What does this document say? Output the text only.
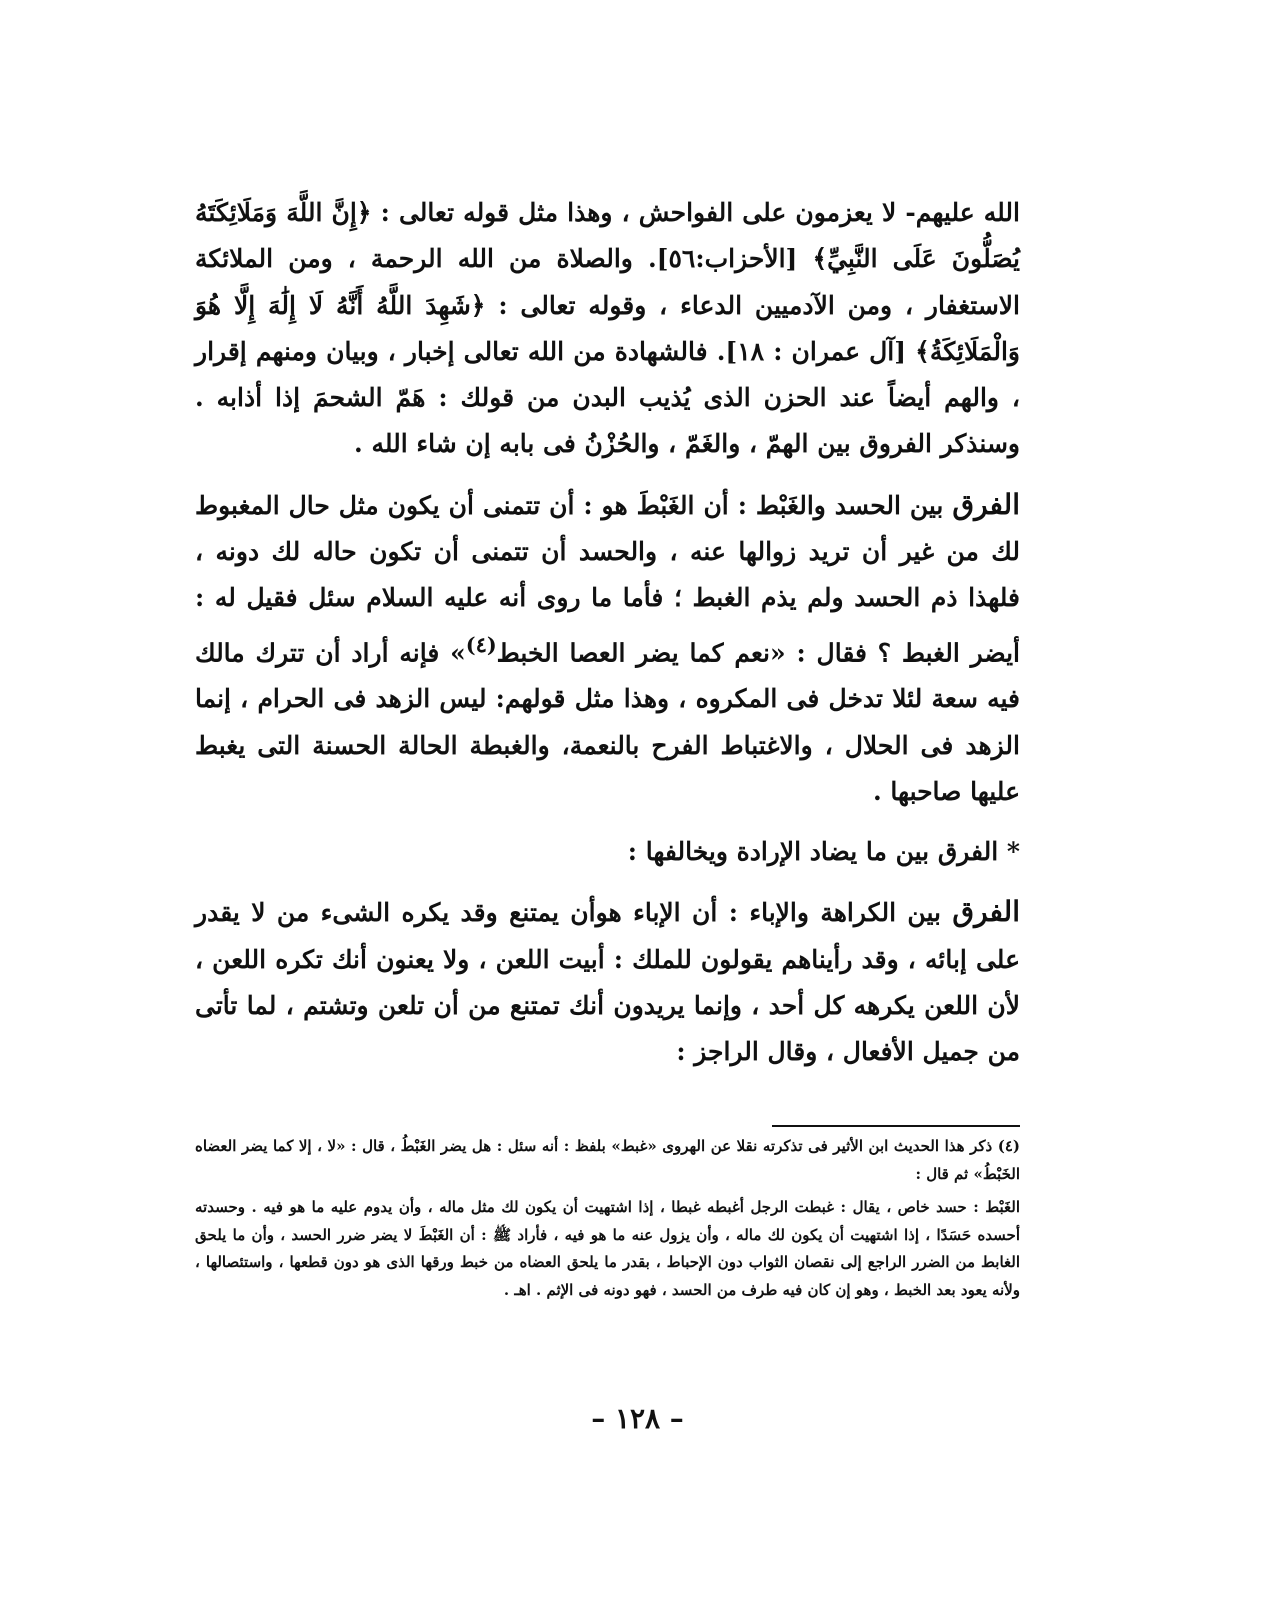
الله عليهم- لا يعزمون على الفواحش ، وهذا مثل قوله تعالى : ﴿إِنَّ اللَّهَ وَمَلَائِكَتَهُ يُصَلُّونَ عَلَى النَّبِيِّ﴾ [الأحزاب:٥٦]. والصلاة من الله الرحمة ، ومن الملائكة الاستغفار ، ومن الآدميين الدعاء ، وقوله تعالى : ﴿شَهِدَ اللَّهُ أَنَّهُ لَا إِلَٰهَ إِلَّا هُوَ وَالْمَلَائِكَةُ﴾ [آل عمران : ١٨]. فالشهادة من الله تعالى إخبار ، وبيان ومنهم إقرار ، والهم أيضاً عند الحزن الذى يُذيب البدن من قولك : هَمّ الشحمَ إذا أذابه . وسنذكر الفروق بين الهمّ ، والغَمّ ، والحُزْنُ فى بابه إن شاء الله .

الفرق بين الحسد والغَبْط : أن الغَبْطَ هو : أن تتمنى أن يكون مثل حال المغبوط لك من غير أن تريد زوالها عنه ، والحسد أن تتمنى أن تكون حاله لك دونه ، فلهذا ذم الحسد ولم يذم الغبط ؛ فأما ما روى أنه عليه السلام سئل فقيل له : أيضر الغبط ؟ فقال : «نعم كما يضر العصا الخبط$^{(٤)}$» فإنه أراد أن تترك مالك فيه سعة لئلا تدخل فى المكروه ، وهذا مثل قولهم: ليس الزهد فى الحرام ، إنما الزهد فى الحلال ، والاغتباط الفرح بالنعمة، والغبطة الحالة الحسنة التى يغبط عليها صاحبها .

* الفرق بين ما يضاد الإرادة ويخالفها :

الفرق بين الكراهة والإباء : أن الإباء هوأن يمتنع وقد يكره الشىء من لا يقدر على إبائه ، وقد رأيناهم يقولون للملك : أبيت اللعن ، ولا يعنون أنك تكره اللعن ، لأن اللعن يكرهه كل أحد ، وإنما يريدون أنك تمتنع من أن تلعن وتشتم ، لما تأتى من جميل الأفعال ، وقال الراجز :

(٤) ذكر هذا الحديث ابن الأثير فى تذكرته نقلا عن الهروى «غبط» بلفظ : أنه سئل : هل يضر الغَبْطُ ، قال : «لا ، إلا كما يضر العضاه الخَبْطُ» ثم قال :

الغَبْط : حسد خاص ، يقال : غبطت الرجل أغبطه غبطا ، إذا اشتهيت أن يكون لك مثل ماله ، وأن يدوم عليه ما هو فيه . وحسدته أحسده حَسَدًا ، إذا اشتهيت أن يكون لك ماله ، وأن يزول عنه ما هو فيه ، فأراد ﷺ : أن الغَبْطَ لا يضر ضرر الحسد ، وأن ما يلحق الغابط من الضرر الراجع إلى نقصان الثواب دون الإحباط ، بقدر ما يلحق العضاه من خبط ورقها الذى هو دون قطعها ، واستئصالها ، ولأنه يعود بعد الخبط ، وهو إن كان فيه طرف من الحسد ، فهو دونه فى الإثم . اهـ .

– ١٢٨ –
